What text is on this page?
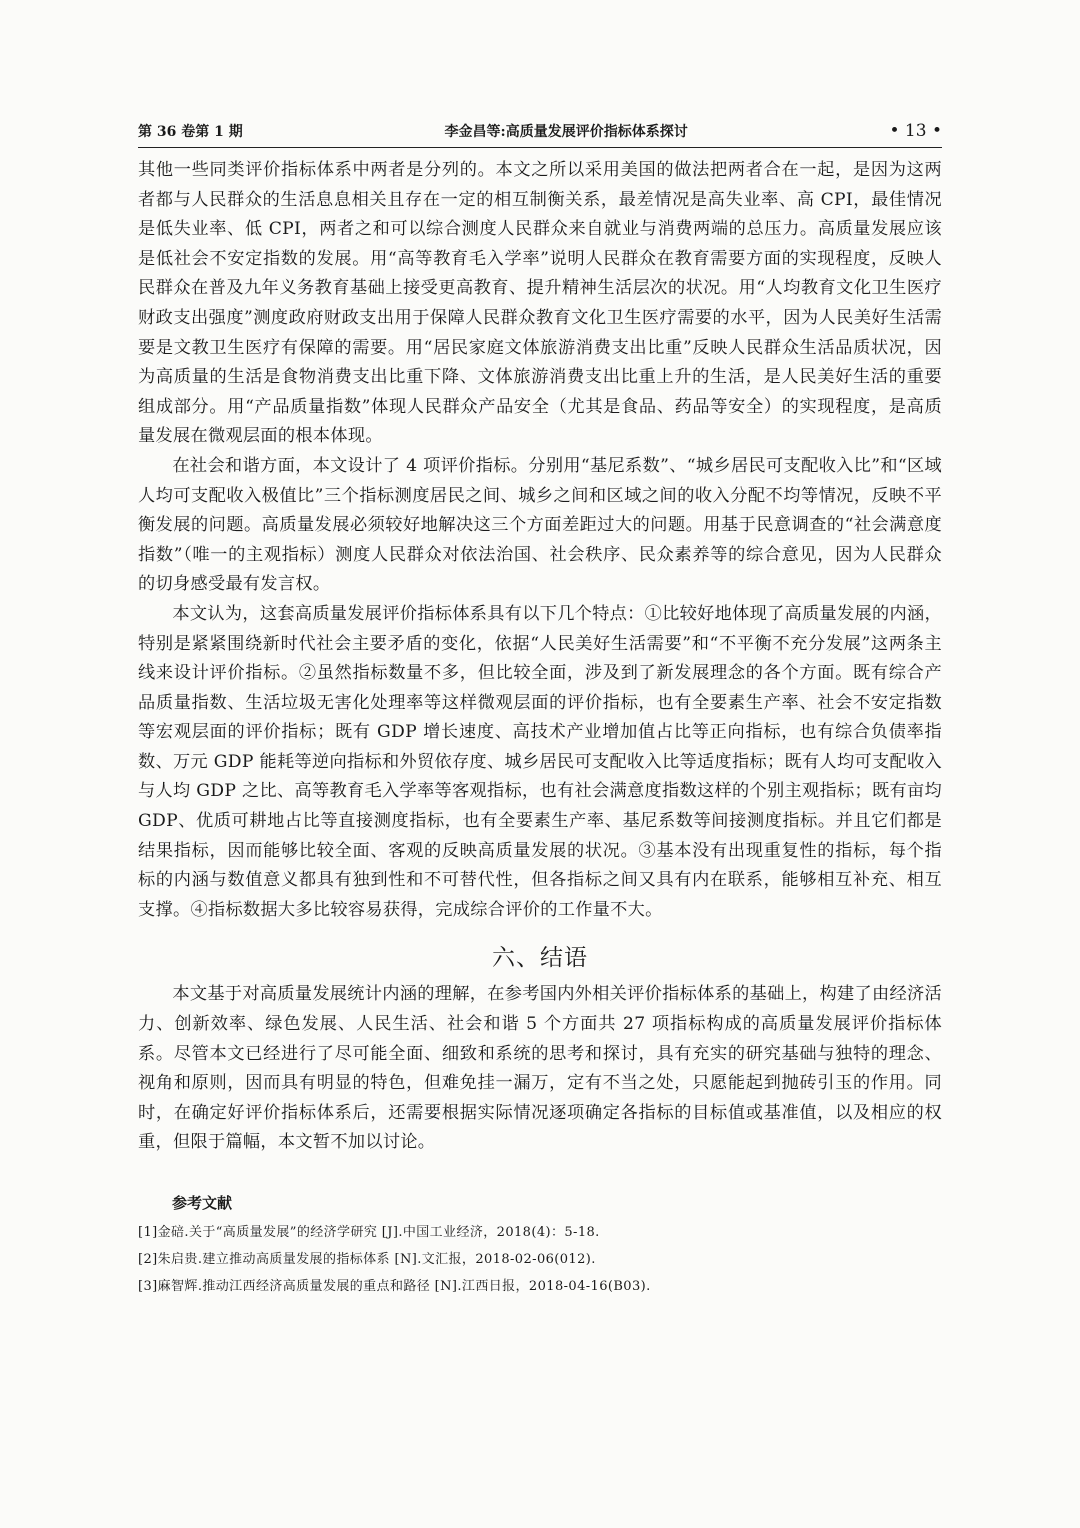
第 36 卷第 1 期	李金昌等:高质量发展评价指标体系探讨	• 13 •

其他一些同类评价指标体系中两者是分列的。本文之所以采用美国的做法把两者合在一起，是因为这两者都与人民群众的生活息息相关且存在一定的相互制衡关系，最差情况是高失业率、高 CPI，最佳情况是低失业率、低 CPI，两者之和可以综合测度人民群众来自就业与消费两端的总压力。高质量发展应该是低社会不安定指数的发展。用“高等教育毛入学率”说明人民群众在教育需要方面的实现程度，反映人民群众在普及九年义务教育基础上接受更高教育、提升精神生活层次的状况。用“人均教育文化卫生医疗财政支出强度”测度政府财政支出用于保障人民群众教育文化卫生医疗需要的水平，因为人民美好生活需要是文教卫生医疗有保障的需要。用“居民家庭文体旅游消费支出比重”反映人民群众生活品质状况，因为高质量的生活是食物消费支出比重下降、文体旅游消费支出比重上升的生活，是人民美好生活的重要组成部分。用“产品质量指数”体现人民群众产品安全（尤其是食品、药品等安全）的实现程度，是高质量发展在微观层面的根本体现。

在社会和谐方面，本文设计了 4 项评价指标。分别用“基尼系数”、“城乡居民可支配收入比”和“区域人均可支配收入极值比”三个指标测度居民之间、城乡之间和区域之间的收入分配不均等情况，反映不平衡发展的问题。高质量发展必须较好地解决这三个方面差距过大的问题。用基于民意调查的“社会满意度指数”（唯一的主观指标）测度人民群众对依法治国、社会秩序、民众素养等的综合意见，因为人民群众的切身感受最有发言权。

本文认为，这套高质量发展评价指标体系具有以下几个特点：①比较好地体现了高质量发展的内涵，特别是紧紧围绕新时代社会主要矛盾的变化，依据“人民美好生活需要”和“不平衡不充分发展”这两条主线来设计评价指标。②虽然指标数量不多，但比较全面，涉及到了新发展理念的各个方面。既有综合产品质量指数、生活垃圾无害化处理率等这样微观层面的评价指标，也有全要素生产率、社会不安定指数等宏观层面的评价指标；既有 GDP 增长速度、高技术产业增加值占比等正向指标，也有综合负债率指数、万元 GDP 能耗等逆向指标和外贸依存度、城乡居民可支配收入比等适度指标；既有人均可支配收入与人均 GDP 之比、高等教育毛入学率等客观指标，也有社会满意度指数这样的个别主观指标；既有亩均 GDP、优质可耕地占比等直接测度指标，也有全要素生产率、基尼系数等间接测度指标。并且它们都是结果指标，因而能够比较全面、客观的反映高质量发展的状况。③基本没有出现重复性的指标，每个指标的内涵与数值意义都具有独到性和不可替代性，但各指标之间又具有内在联系，能够相互补充、相互支撑。④指标数据大多比较容易获得，完成综合评价的工作量不大。

六、结语

本文基于对高质量发展统计内涵的理解，在参考国内外相关评价指标体系的基础上，构建了由经济活力、创新效率、绿色发展、人民生活、社会和谐 5 个方面共 27 项指标构成的高质量发展评价指标体系。尽管本文已经进行了尽可能全面、细致和系统的思考和探讨，具有充实的研究基础与独特的理念、视角和原则，因而具有明显的特色，但难免挂一漏万，定有不当之处，只愿能起到抛砖引玉的作用。同时，在确定好评价指标体系后，还需要根据实际情况逐项确定各指标的目标值或基准值，以及相应的权重，但限于篇幅，本文暂不加以讨论。

参考文献

[1]金碚.关于“高质量发展”的经济学研究 [J].中国工业经济，2018(4)：5-18.

[2]朱启贵.建立推动高质量发展的指标体系 [N].文汇报，2018-02-06(012).

[3]麻智辉.推动江西经济高质量发展的重点和路径 [N].江西日报，2018-04-16(B03).
